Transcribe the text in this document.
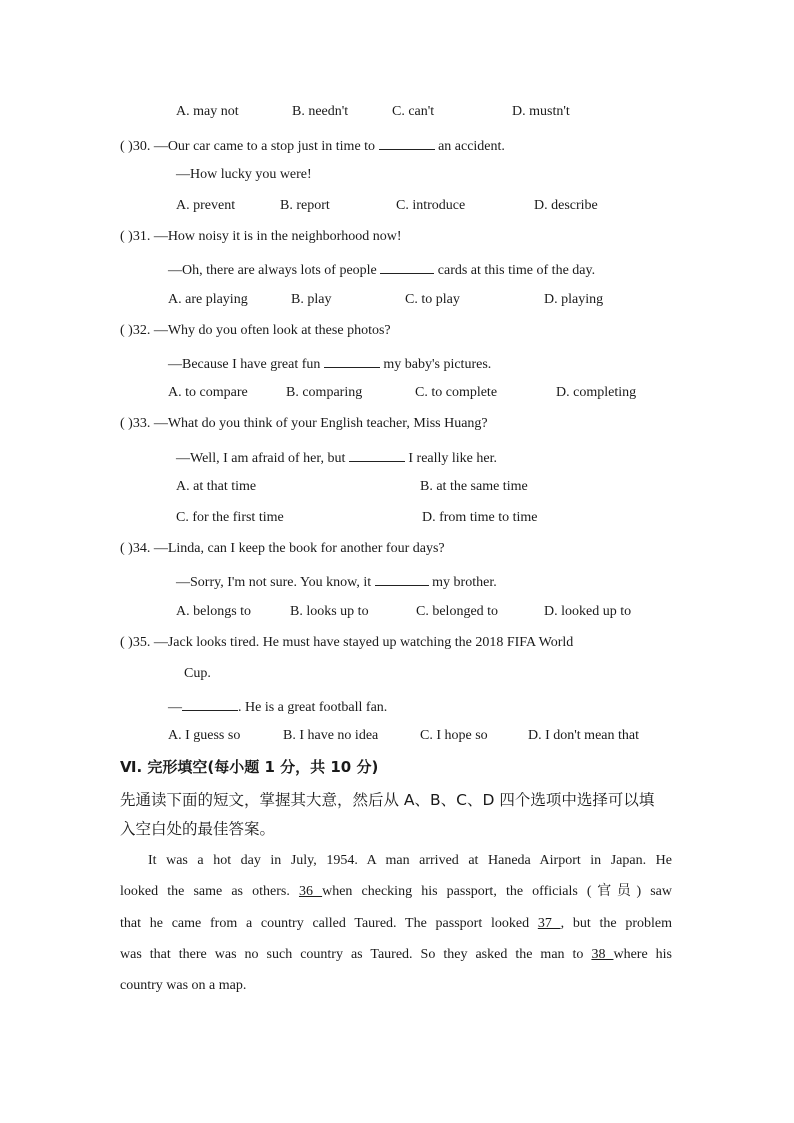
A. may not	B. needn't	C. can't	D. mustn't
( )30. —Our car came to a stop just in time to	an accident.
—How lucky you were!
A. prevent	B. report	C. introduce	D. describe
( )31. —How noisy it is in the neighborhood now!
—Oh, there are always lots of people	cards at this time of the day.
A. are playing	B. play	C. to play	D. playing
( )32. —Why do you often look at these photos?
—Because I have great fun	my baby's pictures.
A. to compare	B. comparing	C. to complete	D. completing
( )33. —What do you think of your English teacher, Miss Huang?
—Well, I am afraid of her, but	I really like her.
A. at that time	B. at the same time
C. for the first time	D. from time to time
( )34. —Linda, can I keep the book for another four days?
—Sorry, I'm not sure. You know, it	my brother.
A. belongs to	B. looks up to	C. belonged to	D. looked up to
( )35. —Jack looks tired. He must have stayed up watching the 2018 FIFA World
Cup.
—	. He is a great football fan.
A. I guess so	B. I have no idea	C. I hope so	D. I don't mean that
Ⅵ. 完形填空(每小题 1 分，共 10 分)
先通读下面的短文，掌握其大意，然后从 A、B、C、D 四个选项中选择可以填
入空白处的最佳答案。
It was a hot day in July, 1954. A man arrived at Haneda Airport in Japan. He
looked the same as others. 36 when checking his passport, the officials (官员) saw
that he came from a country called Taured. The passport looked 37 , but the problem
was that there was no such country as Taured. So they asked the man to 38 where his
country was on a map.
